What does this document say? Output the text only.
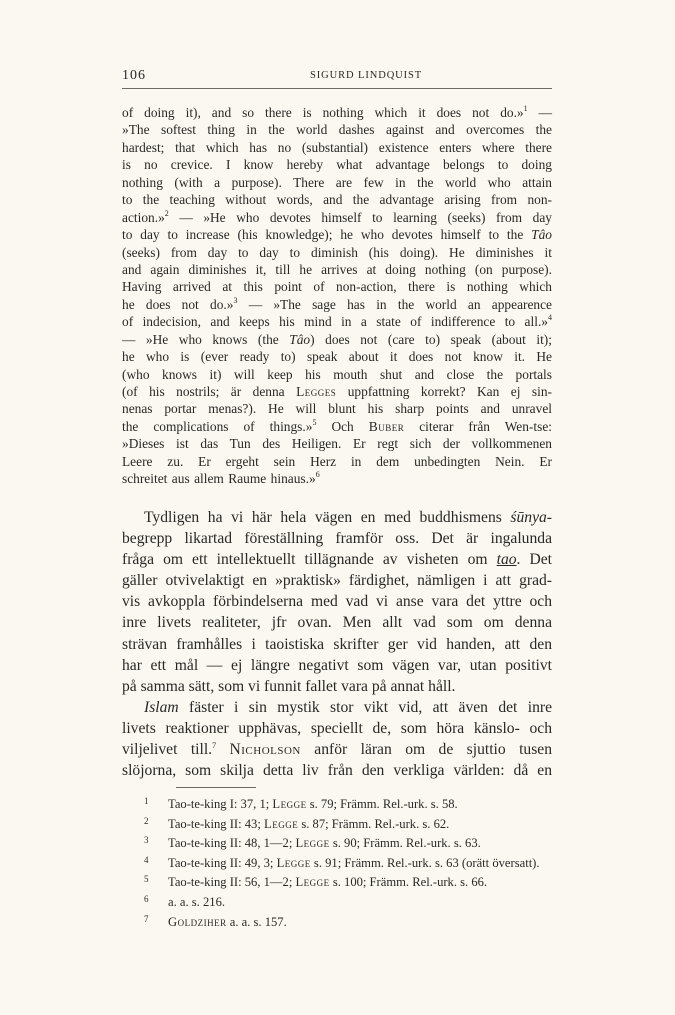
106	SIGURD LINDQUIST
of doing it), and so there is nothing which it does not do.»$^1$ —
»The softest thing in the world dashes against and overcomes the
hardest; that which has no (substantial) existence enters where there
is no crevice. I know hereby what advantage belongs to doing
nothing (with a purpose). There are few in the world who attain
to the teaching without words, and the advantage arising from non-
action.»$^2$ — »He who devotes himself to learning (seeks) from day
to day to increase (his knowledge); he who devotes himself to the Tâo
(seeks) from day to day to diminish (his doing). He diminishes it
and again diminishes it, till he arrives at doing nothing (on purpose).
Having arrived at this point of non-action, there is nothing which
he does not do.»$^3$ — »The sage has in the world an appearence
of indecision, and keeps his mind in a state of indifference to all.»$^4$
— »He who knows (the Tâo) does not (care to) speak (about it);
he who is (ever ready to) speak about it does not know it. He
(who knows it) will keep his mouth shut and close the portals
(of his nostrils; är denna Legges uppfattning korrekt? Kan ej sin-
nenas portar menas?). He will blunt his sharp points and unravel
the complications of things.»$^5$ Och Buber citerar från Wen-tse:
»Dieses ist das Tun des Heiligen. Er regt sich der vollkommenen
Leere zu. Er ergeht sein Herz in dem unbedingten Nein. Er
schreitet aus allem Raume hinaus.»$^6$
Tydligen ha vi här hela vägen en med buddhismens śūnya-
begrepp likartad föreställning framför oss. Det är ingalunda
fråga om ett intellektuellt tillägnande av visheten om tao. Det
gäller otvivelaktigt en »praktisk» färdighet, nämligen i att grad-
vis avkoppla förbindelserna med vad vi anse vara det yttre och
inre livets realiteter, jfr ovan. Men allt vad som om denna
strävan framhålles i taoistiska skrifter ger vid handen, att den
har ett mål — ej längre negativt som vägen var, utan positivt
på samma sätt, som vi funnit fallet vara på annat håll.
Islam fäster i sin mystik stor vikt vid, att även det inre
livets reaktioner upphävas, speciellt de, som höra känslo- och
viljelivet till.$^7$ Nicholson anför läran om de sjuttio tusen
slöjorna, som skilja detta liv från den verkliga världen: då en
1 Tao-te-king I: 37, 1; Legge s. 79; Främm. Rel.-urk. s. 58.
2 Tao-te-king II: 43; Legge s. 87; Främm. Rel.-urk. s. 62.
3 Tao-te-king II: 48, 1—2; Legge s. 90; Främm. Rel.-urk. s. 63.
4 Tao-te-king II: 49, 3; Legge s. 91; Främm. Rel.-urk. s. 63 (orätt översatt).
5 Tao-te-king II: 56, 1—2; Legge s. 100; Främm. Rel.-urk. s. 66.
6 a. a. s. 216.
7 Goldziher a. a. s. 157.
